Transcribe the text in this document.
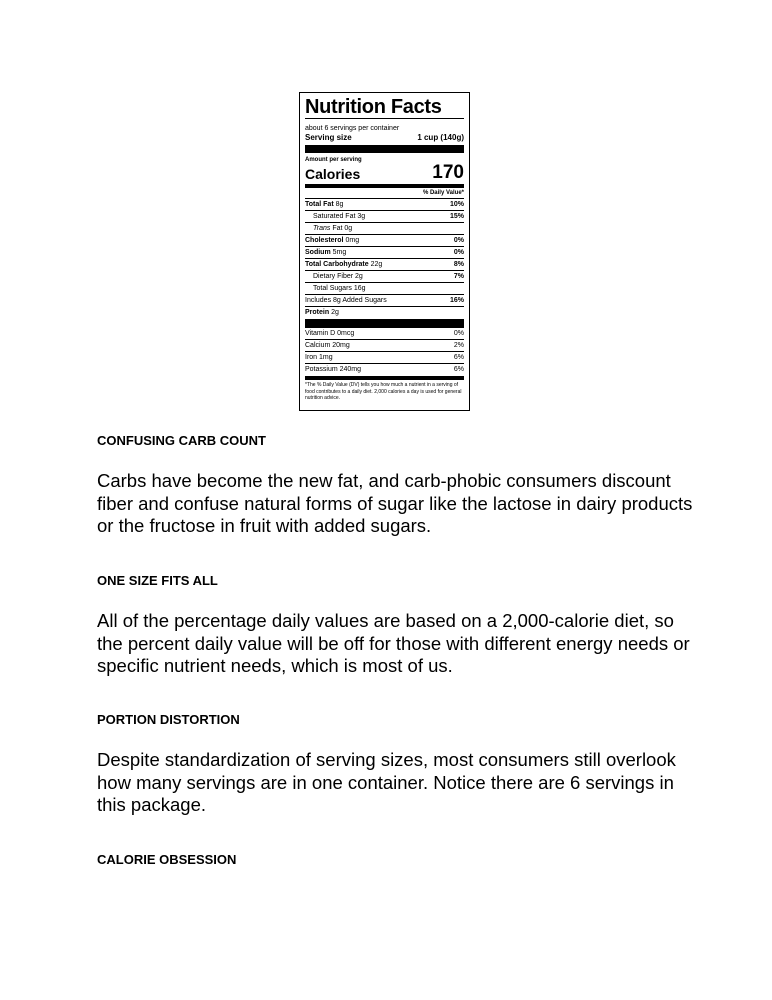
Nutrition Facts
about 6 servings per container
Serving size	1 cup (140g)
Amount per serving
Calories	170
% Daily Value*
Total Fat 8g	10%
Saturated Fat 3g	15%
Trans Fat 0g
Cholesterol 0mg	0%
Sodium 5mg	0%
Total Carbohydrate 22g	8%
Dietary Fiber 2g	7%
Total Sugars 16g
Includes 8g Added Sugars	16%
Protein 2g
Vitamin D 0mcg	0%
Calcium 20mg	2%
Iron 1mg	6%
Potassium 240mg	6%
*The % Daily Value (DV) tells you how much a nutrient in a serving of food contributes to a daily diet. 2,000 calories a day is used for general nutrition advice.
CONFUSING CARB COUNT

Carbs have become the new fat, and carb-phobic consumers discount fiber and confuse natural forms of sugar like the lactose in dairy products or the fructose in fruit with added sugars.

ONE SIZE FITS ALL

All of the percentage daily values are based on a 2,000-calorie diet, so the percent daily value will be off for those with different energy needs or specific nutrient needs, which is most of us.

PORTION DISTORTION

Despite standardization of serving sizes, most consumers still overlook how many servings are in one container. Notice there are 6 servings in this package.

CALORIE OBSESSION
